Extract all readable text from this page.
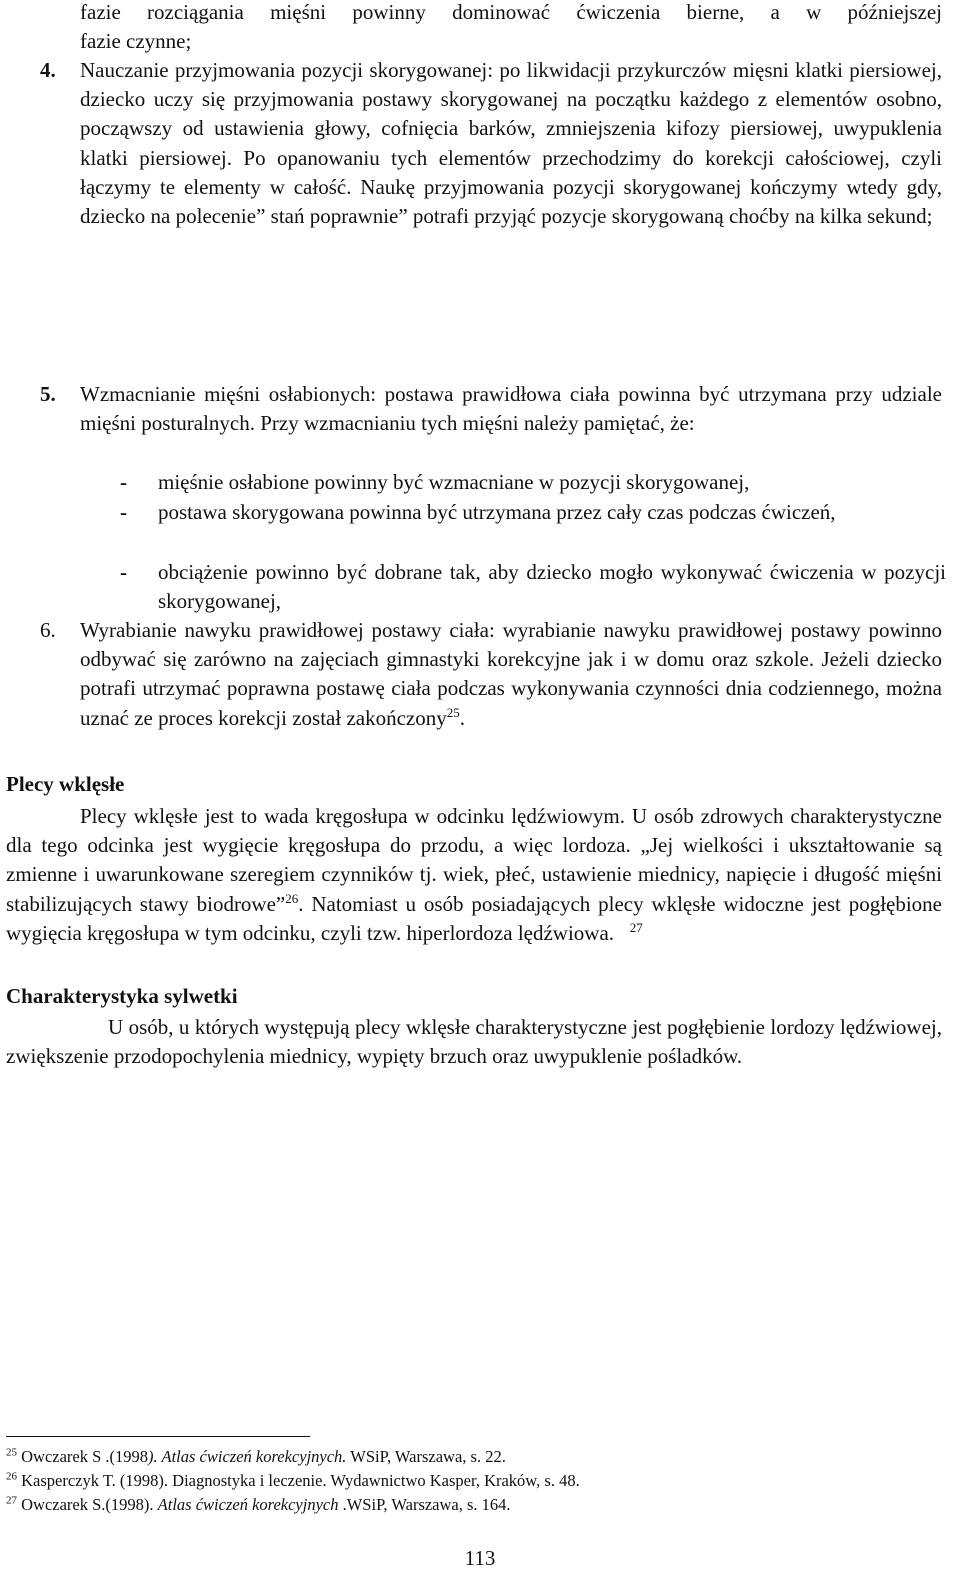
fazie rozciągania mięśni powinny dominować ćwiczenia bierne, a w późniejszej
fazie czynne;
4. Nauczanie przyjmowania pozycji skorygowanej: po likwidacji przykurczów mięsni klatki piersiowej, dziecko uczy się przyjmowania postawy skorygowanej na początku każdego z elementów osobno, począwszy od ustawienia głowy, cofnięcia barków, zmniejszenia kifozy piersiowej, uwypuklenia klatki piersiowej. Po opanowaniu tych elementów przechodzimy do korekcji całościowej, czyli łączymy te elementy w całość. Naukę przyjmowania pozycji skorygowanej kończymy wtedy gdy, dziecko na polecenie” stań poprawnie” potrafi przyjąć pozycje skorygowaną choćby na kilka sekund;
5. Wzmacnianie mięśni osłabionych: postawa prawidłowa ciała powinna być utrzymana przy udziale mięśni posturalnych. Przy wzmacnianiu tych mięśni należy pamiętać, że:
- mięśnie osłabione powinny być wzmacniane w pozycji skorygowanej,
- postawa skorygowana powinna być utrzymana przez cały czas podczas ćwiczeń,
- obciążenie powinno być dobrane tak, aby dziecko mogło wykonywać ćwiczenia w pozycji skorygowanej,
6. Wyrabianie nawyku prawidłowej postawy ciała: wyrabianie nawyku prawidłowej postawy powinno odbywać się zarówno na zajęciach gimnastyki korekcyjne jak i w domu oraz szkole. Jeżeli dziecko potrafi utrzymać poprawna postawę ciała podczas wykonywania czynności dnia codziennego, można uznać ze proces korekcji został zakończony$^{25}$.
Plecy wklęsłe
Plecy wklęsłe jest to wada kręgosłupa w odcinku lędźwiowym. U osób zdrowych charakterystyczne dla tego odcinka jest wygięcie kręgosłupa do przodu, a więc lordoza. „Jej wielkości i ukształtowanie są zmienne i uwarunkowane szeregiem czynników tj. wiek, płeć, ustawienie miednicy, napięcie i długość mięśni stabilizujących stawy biodrowe”$^{26}$. Natomiast u osób posiadających plecy wklęsłe widoczne jest pogłębione wygięcia kręgosłupa w tym odcinku, czyli tzw. hiperlordoza lędźwiowa. $^{27}$
Charakterystyka sylwetki
U osób, u których występują plecy wklęsłe charakterystyczne jest pogłębienie lordozy lędźwiowej, zwiększenie przodopochylenia miednicy, wypięty brzuch oraz uwypuklenie pośladków.
$^{25}$ Owczarek S .(1998). Atlas ćwiczeń korekcyjnych. WSiP, Warszawa, s. 22.
$^{26}$ Kasperczyk T. (1998). Diagnostyka i leczenie. Wydawnictwo Kasper, Kraków, s. 48.
$^{27}$ Owczarek S.(1998). Atlas ćwiczeń korekcyjnych .WSiP, Warszawa, s. 164.
113
